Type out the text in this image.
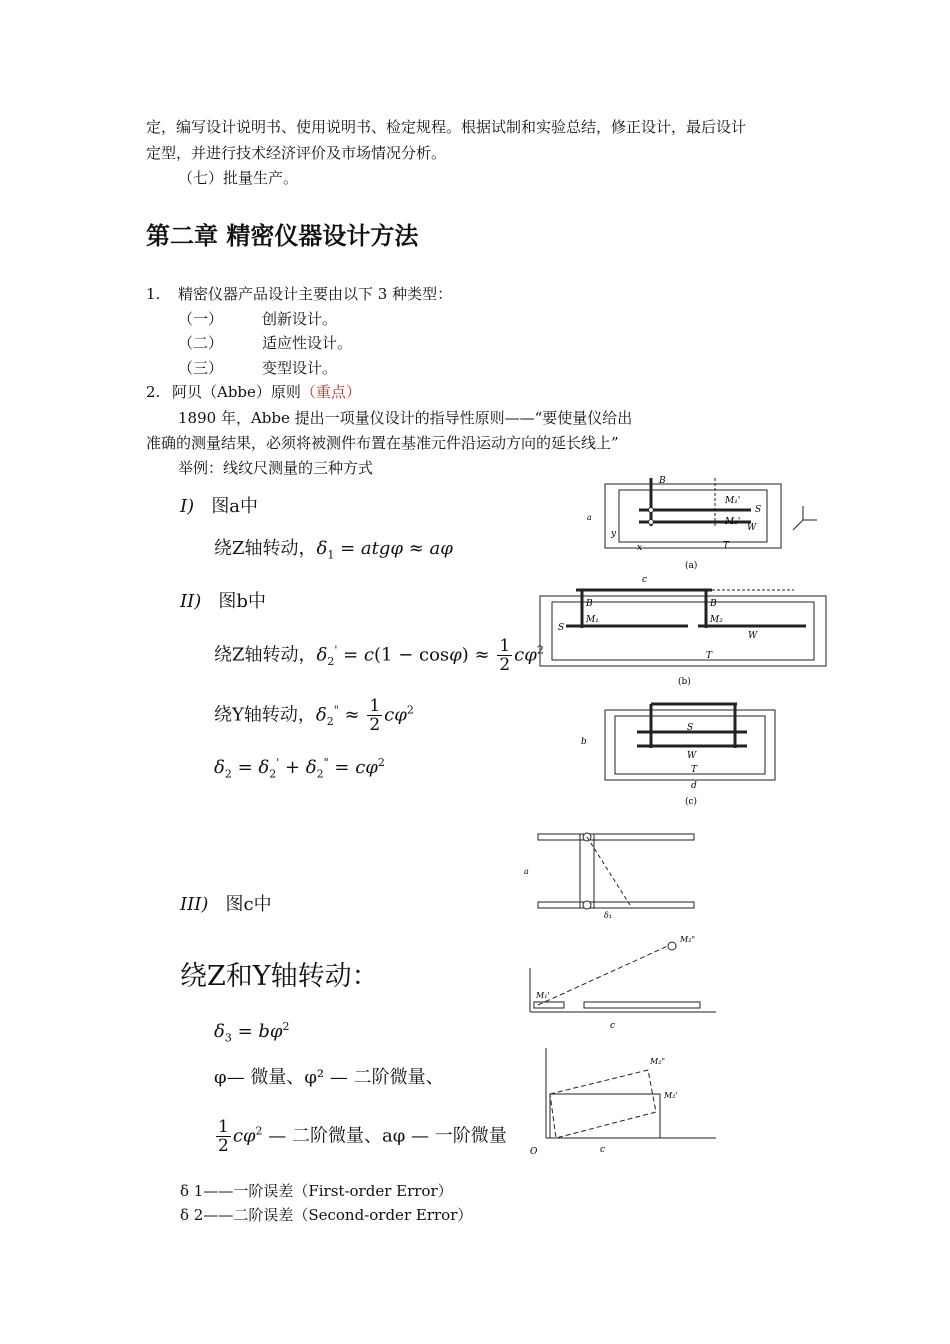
定，编写设计说明书、使用说明书、检定规程。根据试制和实验总结，修正设计，最后设计
定型，并进行技术经济评价及市场情况分析。
（七）批量生产。
第二章 精密仪器设计方法
1. 精密仪器产品设计主要由以下 3 种类型：
（一）	创新设计。
（二）	适应性设计。
（三）	变型设计。
2. 阿贝（Abbe）原则（重点）
1890 年，Abbe 提出一项量仪设计的指导性原则——“要使量仪给出
准确的测量结果，必须将被测件布置在基准元件沿运动方向的延长线上”
举例：线纹尺测量的三种方式
I) 图a中
绕Z轴转动，$\delta_1 = atg\varphi \approx a\varphi$
II) 图b中
绕Z轴转动，$\delta_2' = c(1 - \cos\varphi) \approx \frac{1}{2} c\varphi^2$
绕Y轴转动，$\delta_2^" \approx \frac{1}{2} c\varphi^2$
$\delta_2 = \delta_2' + \delta_2^" = c\varphi^2$
III) 图c中
绕Z和Y轴转动：
$\delta_3 = b\varphi^2$
φ— 微量、φ² — 二阶微量、
$\frac{1}{2} c\varphi^2$ — 二阶微量、aφ — 一阶微量
δ 1——一阶误差（First-order Error）
δ 2——二阶误差（Second-order Error）
B
M₁'
S
M₂'
W
T
x
y
a
(a)
c
B	B
M₁	M₂
S
W
T
(b)
S
W
T
d
b
(c)
a
δ₁
M₁'
M₂"
c
O	c
M₂"
M₂'
